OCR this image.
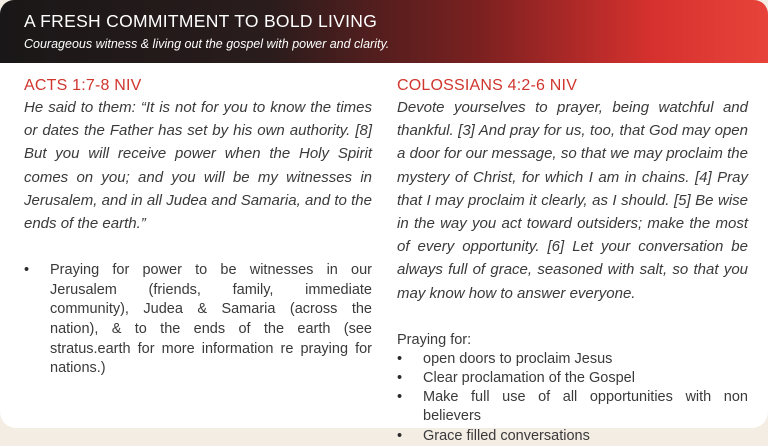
A FRESH COMMITMENT TO BOLD LIVING
Courageous witness & living out the gospel with power and clarity.

ACTS 1:7-8 NIV

He said to them: “It is not for you to know the times or dates the Father has set by his own authority. [8] But you will receive power when the Holy Spirit comes on you; and you will be my witnesses in Jerusalem, and in all Judea and Samaria, and to the ends of the earth.”

• Praying for power to be witnesses in our Jerusalem (friends, family, immediate community), Judea & Samaria (across the nation), & to the ends of the earth (see stratus.earth for more information re praying for nations.)

COLOSSIANS 4:2-6 NIV

Devote yourselves to prayer, being watchful and thankful. [3] And pray for us, too, that God may open a door for our message, so that we may proclaim the mystery of Christ, for which I am in chains. [4] Pray that I may proclaim it clearly, as I should. [5] Be wise in the way you act toward outsiders; make the most of every opportunity. [6] Let your conversation be always full of grace, seasoned with salt, so that you may know how to answer everyone.

Praying for:

• open doors to proclaim Jesus
• Clear proclamation of the Gospel
• Make full use of all opportunities with non believers
• Grace filled conversations
